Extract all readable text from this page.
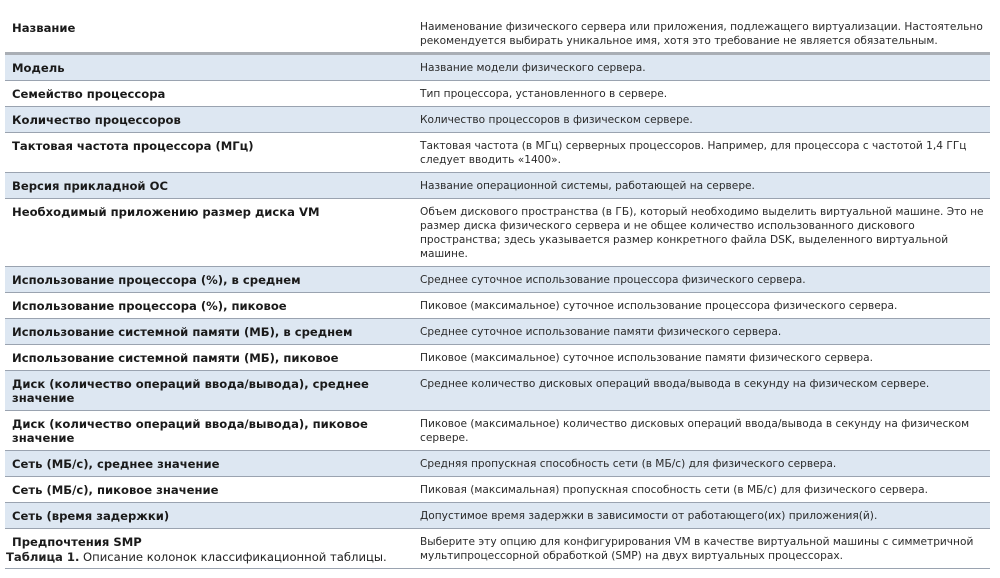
Название	Наименование физического сервера или приложения, подлежащего виртуализации. Настоятельно рекомендуется выбирать уникальное имя, хотя это требование не является обязательным.
Модель	Название модели физического сервера.
Семейство процессора	Тип процессора, установленного в сервере.
Количество процессоров	Количество процессоров в физическом сервере.
Тактовая частота процессора (МГц)	Тактовая частота (в МГц) серверных процессоров. Например, для процессора с частотой 1,4 ГГц следует вводить «1400».
Версия прикладной ОС	Название операционной системы, работающей на сервере.
Необходимый приложению размер диска VM	Объем дискового пространства (в ГБ), который необходимо выделить виртуальной машине. Это не размер диска физического сервера и не общее количество использованного дискового пространства; здесь указывается размер конкретного файла DSK, выделенного виртуальной машине.
Использование процессора (%), в среднем	Среднее суточное использование процессора физического сервера.
Использование процессора (%), пиковое	Пиковое (максимальное) суточное использование процессора физического сервера.
Использование системной памяти (МБ), в среднем	Среднее суточное использование памяти физического сервера.
Использование системной памяти (МБ), пиковое	Пиковое (максимальное) суточное использование памяти физического сервера.
Диск (количество операций ввода/вывода), среднее значение	Среднее количество дисковых операций ввода/вывода в секунду на физическом сервере.
Диск (количество операций ввода/вывода), пиковое значение	Пиковое (максимальное) количество дисковых операций ввода/вывода в секунду на физическом сервере.
Сеть (МБ/с), среднее значение	Средняя пропускная способность сети (в МБ/с) для физического сервера.
Сеть (МБ/с), пиковое значение	Пиковая (максимальная) пропускная способность сети (в МБ/с) для физического сервера.
Сеть (время задержки)	Допустимое время задержки в зависимости от работающего(их) приложения(й).
Предпочтения SMP	Выберите эту опцию для конфигурирования VM в качестве виртуальной машины с симметричной мультипроцессорной обработкой (SMP) на двух виртуальных процессорах.
Таблица 1. Описание колонок классификационной таблицы.
